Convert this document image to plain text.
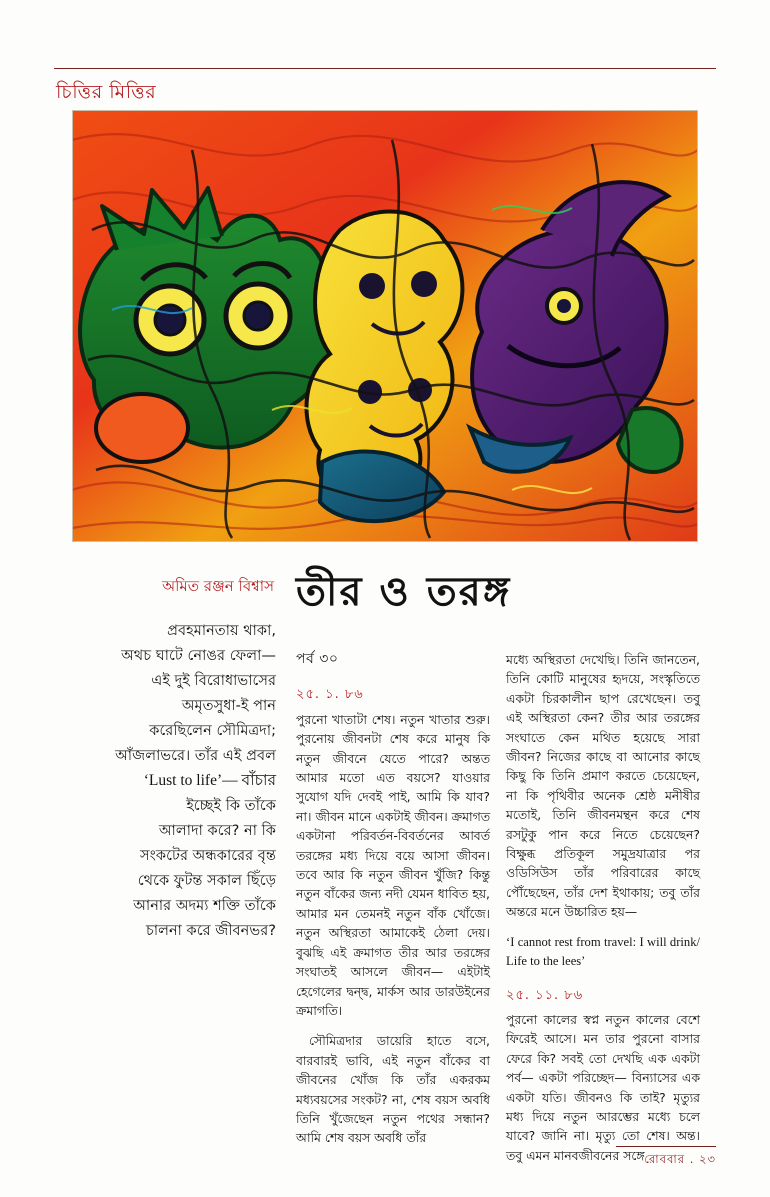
চিত্তির মিত্তির
অমিত রঞ্জন বিশ্বাস তীর ও তরঙ্গ
প্রবহমানতায় থাকা,
অথচ ঘাটে নোঙর ফেলা—
এই দুই বিরোধাভাসের
অমৃতসুধা-ই পান
করেছিলেন সৌমিত্রদা;
আঁজলাভরে। তাঁর এই প্রবল
‘Lust to life’— বাঁচার
ইচ্ছেই কি তাঁকে
আলাদা করে? না কি
সংকটের অন্ধকারের বৃন্ত
থেকে ফুটন্ত সকাল ছিঁড়ে
আনার অদম্য শক্তি তাঁকে
চালনা করে জীবনভর?
পর্ব ৩০
২৫. ১. ৮৬

পুরনো খাতাটা শেষ। নতুন খাতার শুরু। পুরনোয় জীবনটা শেষ করে মানুষ কি নতুন জীবনে যেতে পারে? অন্তত আমার মতো এত বয়সে? যাওয়ার সুযোগ যদি দেবই পাই, আমি কি যাব? না। জীবন মানে একটাই জীবন। ক্রমাগত একটানা পরিবর্তন-বিবর্তনের আবর্ত তরঙ্গের মধ্য দিয়ে বয়ে আসা জীবন। তবে আর কি নতুন জীবন খুঁজি? কিন্তু নতুন বাঁকের জন্য নদী যেমন ধাবিত হয়, আমার মন তেমনই নতুন বাঁক খোঁজে। নতুন অস্থিরতা আমাকেই ঠেলা দেয়। বুঝছি এই ক্রমাগত তীর আর তরঙ্গের সংঘাতই আসলে জীবন— এইটাই হেগেলের দ্বন্দ্ব, মার্কস আর ডারউইনের ক্রমাগতি।

সৌমিত্রদার ডায়েরি হাতে বসে, বারবারই ভাবি, এই নতুন বাঁকের বা জীবনের খোঁজ কি তাঁর একরকম মধ্যবয়সের সংকট? না, শেষ বয়স অবধি তিনি খুঁজেছেন নতুন পথের সন্ধান? আমি শেষ বয়স অবধি তাঁর

মধ্যে অস্থিরতা দেখেছি। তিনি জানতেন, তিনি কোটি মানুষের হৃদয়ে, সংস্কৃতিতে একটা চিরকালীন ছাপ রেখেছেন। তবু এই অস্থিরতা কেন? তীর আর তরঙ্গের সংঘাতে কেন মথিত হয়েছে সারা জীবন? নিজের কাছে বা আনোর কাছে কিছু কি তিনি প্রমাণ করতে চেয়েছেন, না কি পৃথিবীর অনেক শ্রেষ্ঠ মনীষীর মতোই, তিনি জীবনমন্থন করে শেষ রসটুকু পান করে নিতে চেয়েছেন? বিক্ষুব্ধ প্রতিকূল সমুদ্রযাত্রার পর ওডিসিউস তাঁর পরিবারের কাছে পৌঁছেছেন, তাঁর দেশ ইথাকায়; তবু তাঁর অন্তরে মনে উচ্চারিত হয়—

‘I cannot rest from travel: I will drink/ Life to the lees’

২৫. ১১. ৮৬

পুরনো কালের স্বপ্ন নতুন কালের বেশে ফিরেই আসে। মন তার পুরনো বাসার ফেরে কি? সবই তো দেখছি এক একটা পর্ব— একটা পরিচ্ছেদ— বিন্যাসের এক একটা যতি। জীবনও কি তাই? মৃত্যুর মধ্য দিয়ে নতুন আরম্ভের মধ্যে চলে যাবে? জানি না। মৃত্যু তো শেষ। অন্ত। তবু এমন মানবজীবনের সঙ্গে রোববার . ২৩
